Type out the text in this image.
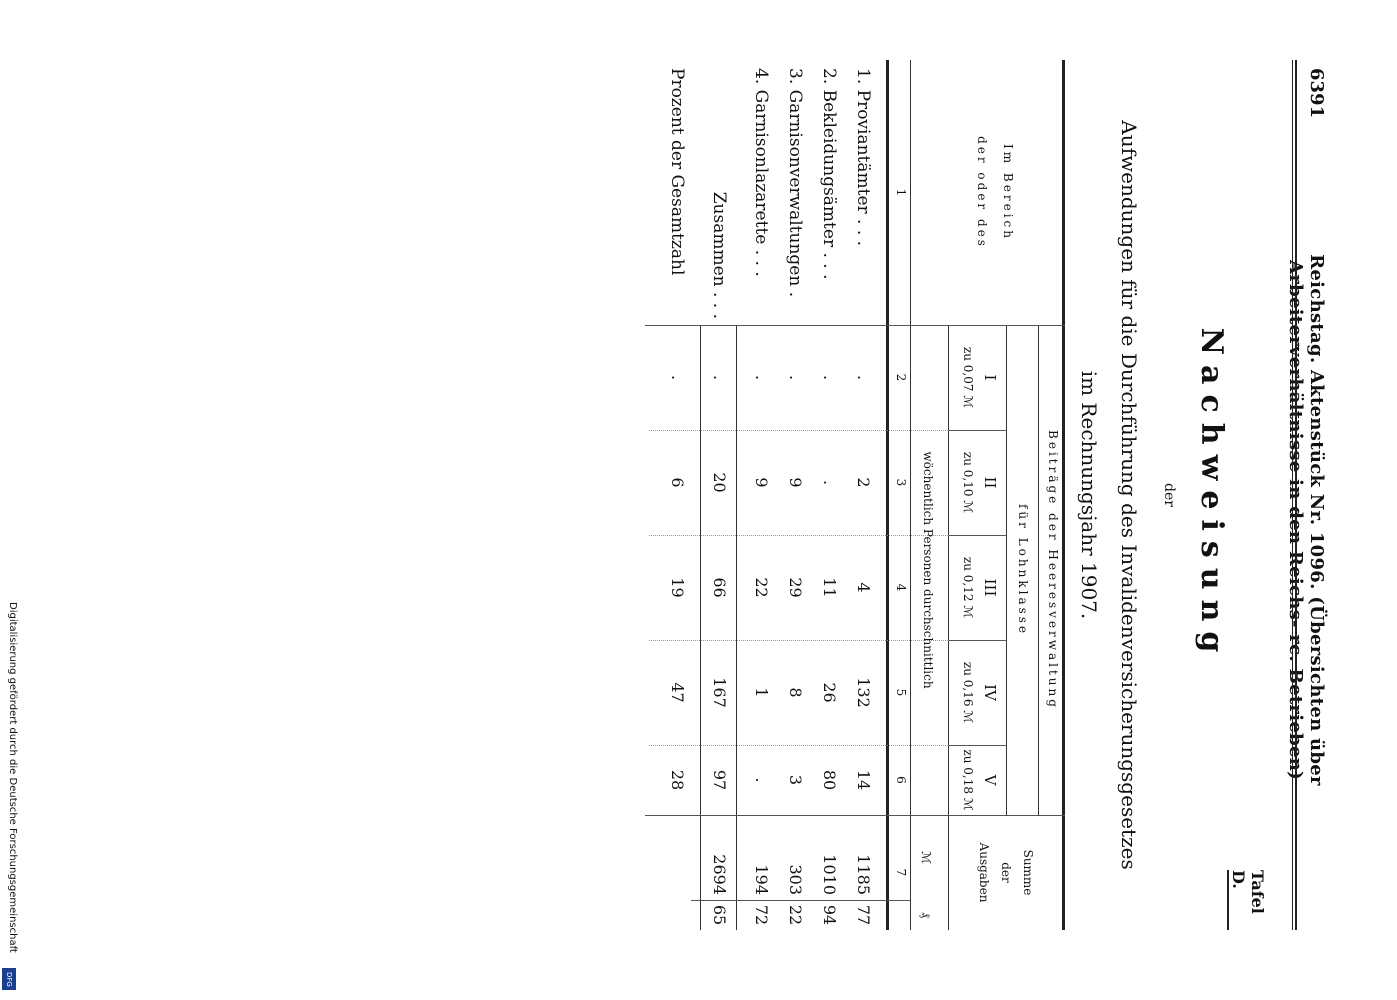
Reichstag. Aktenstück Nr. 1096. (Übersichten über Arbeiterverhältnisse in den Reichs- rc. Betrieben)
6391
Tafel D.
Nachweisung
der
Aufwendungen für die Durchführung des Invalidenversicherungsgesetzes
im Rechnungsjahr 1907.
Im Bereich
der oder des
Beiträge der Heeresverwaltung
für Lohnklasse
I
zu 0,07 ℳ
II
zu 0,10 ℳ
III
zu 0,12 ℳ
IV
zu 0,16 ℳ
V
zu 0,18 ℳ
wöchentlich Personen durchschnittlich
Summe
der
Ausgaben
ℳ
₰
1
2
3
4
5
6
7
1. Proviantämter . . .
.
2
4
132
14
1185
77
2. Bekleidungsämter . . .
.
.
11
26
80
1010
94
3. Garnisonverwaltungen .
.
9
29
8
3
303
22
4. Garnisonlazarette . . .
.
9
22
1
.
194
72
Zusammen . . .
.
20
66
167
97
2694
65
Prozent der Gesamtzahl
.
6
19
47
28
Digitalisierung gefördert durch die Deutsche Forschungsgemeinschaft
DFG
